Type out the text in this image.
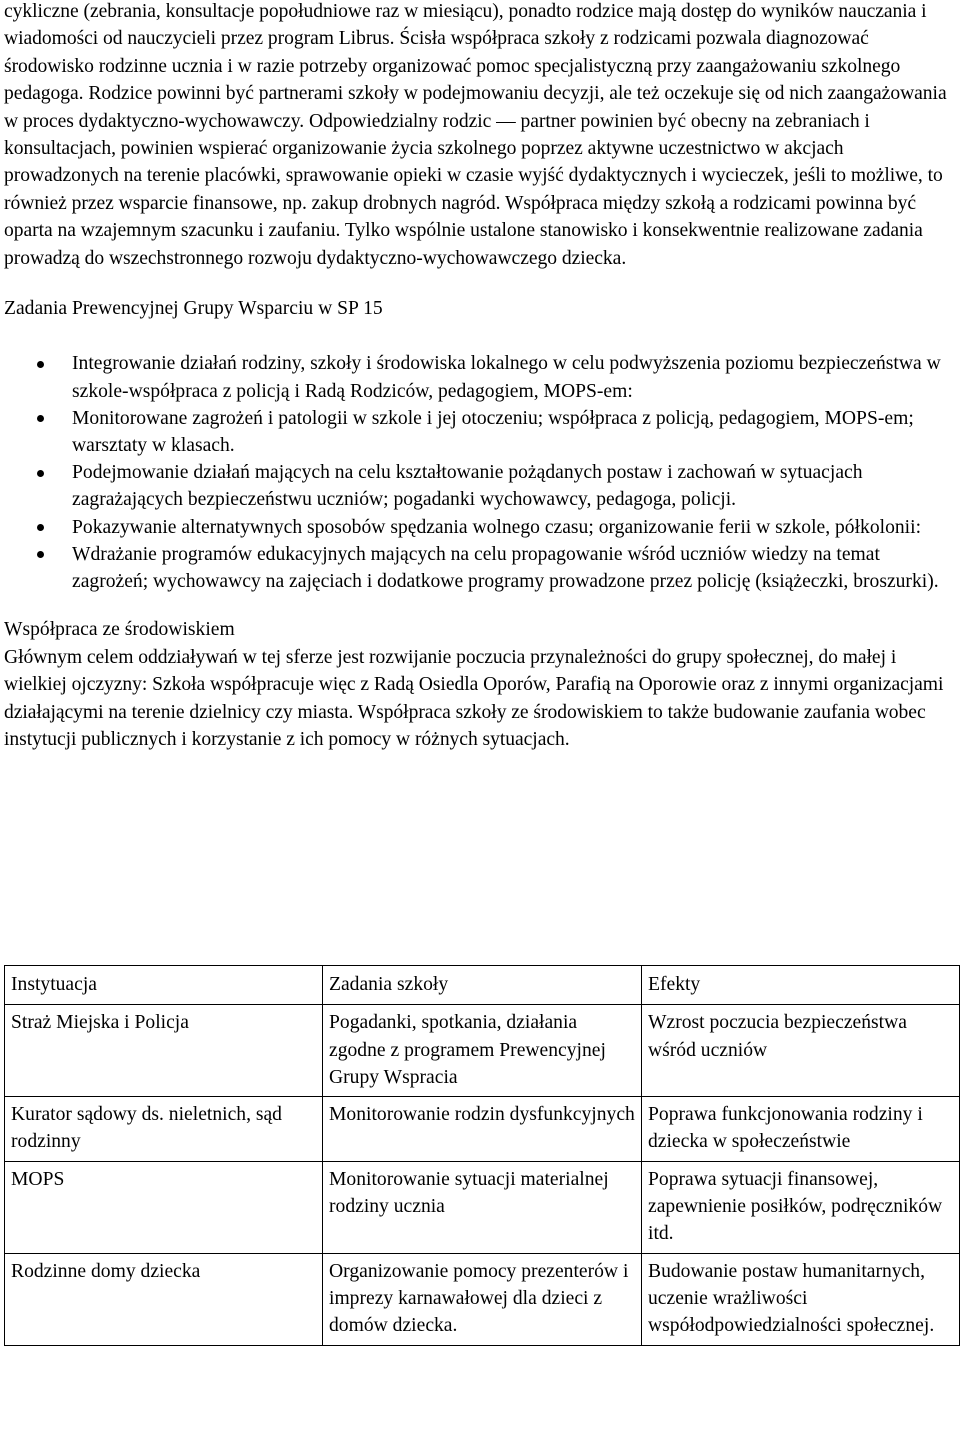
cykliczne (zebrania, konsultacje popołudniowe raz w miesiącu), ponadto rodzice mają dostęp do wyników nauczania i wiadomości od nauczycieli przez program Librus. Ścisła współpraca szkoły z rodzicami pozwala diagnozować środowisko rodzinne ucznia i w razie potrzeby organizować pomoc specjalistyczną przy zaangażowaniu szkolnego pedagoga. Rodzice powinni być partnerami szkoły w podejmowaniu decyzji, ale też oczekuje się od nich zaangażowania w proces dydaktyczno-wychowawczy. Odpowiedzialny rodzic — partner powinien być obecny na zebraniach i konsultacjach, powinien wspierać organizowanie życia szkolnego poprzez aktywne uczestnictwo w akcjach prowadzonych na terenie placówki, sprawowanie opieki w czasie wyjść dydaktycznych i wycieczek, jeśli to możliwe, to również przez wsparcie finansowe, np. zakup drobnych nagród. Współpraca między szkołą a rodzicami powinna być oparta na wzajemnym szacunku i zaufaniu. Tylko wspólnie ustalone stanowisko i konsekwentnie realizowane zadania prowadzą do wszechstronnego rozwoju dydaktyczno-wychowawczego dziecka.

Zadania Prewencyjnej Grupy Wsparciu w SP 15

Integrowanie działań rodziny, szkoły i środowiska lokalnego w celu podwyższenia poziomu bezpieczeństwa w szkole-współpraca z policją i Radą Rodziców, pedagogiem, MOPS-em:
Monitorowane zagrożeń i patologii w szkole i jej otoczeniu; współpraca z policją, pedagogiem, MOPS-em; warsztaty w klasach.
Podejmowanie działań mających na celu kształtowanie pożądanych postaw i zachowań w sytuacjach zagrażających bezpieczeństwu uczniów; pogadanki wychowawcy, pedagoga, policji.
Pokazywanie alternatywnych sposobów spędzania wolnego czasu; organizowanie ferii w szkole, półkolonii:
Wdrażanie programów edukacyjnych mających na celu propagowanie wśród uczniów wiedzy na temat zagrożeń; wychowawcy na zajęciach i dodatkowe programy prowadzone przez policję (książeczki, broszurki).

Współpraca ze środowiskiem

Głównym celem oddziaływań w tej sferze jest rozwijanie poczucia przynależności do grupy społecznej, do małej i wielkiej ojczyzny: Szkoła współpracuje więc z Radą Osiedla Oporów, Parafią na Oporowie oraz z innymi organizacjami działającymi na terenie dzielnicy czy miasta. Współpraca szkoły ze środowiskiem to także budowanie zaufania wobec instytucji publicznych i korzystanie z ich pomocy w różnych sytuacjach.

Instytuacja	Zadania szkoły	Efekty
Straż Miejska i Policja	Pogadanki, spotkania, działania zgodne z programem Prewencyjnej Grupy Wspracia	Wzrost poczucia bezpieczeństwa wśród uczniów
Kurator sądowy ds. nieletnich, sąd rodzinny	Monitorowanie rodzin dysfunkcyjnych	Poprawa funkcjonowania rodziny i dziecka w społeczeństwie
MOPS	Monitorowanie sytuacji materialnej rodziny ucznia	Poprawa sytuacji finansowej, zapewnienie posiłków, podręczników itd.
Rodzinne domy dziecka	Organizowanie pomocy prezenterów i imprezy karnawałowej dla dzieci z domów dziecka.	Budowanie postaw humanitarnych, uczenie wrażliwości współodpowiedzialności społecznej.
